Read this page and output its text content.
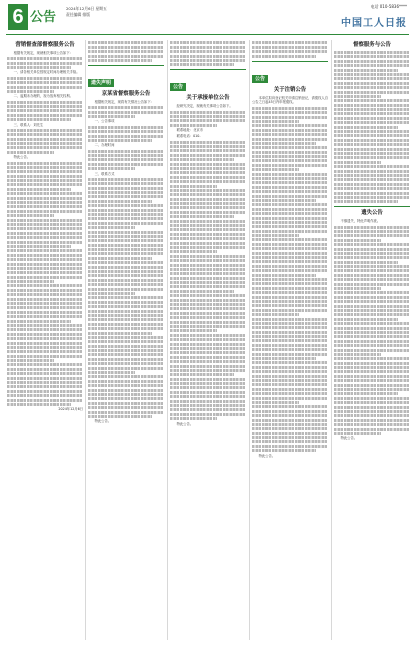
6 公告
2024年12月6日 星期五
责任编辑 排版
电话 010-5836****
中国工人日报
营销督查部督察服务公告

根据有关规定，现就相关事项公告如下：

一、请各相关单位按规定时间办理相关手续。

二、逾期未办理的，视为放弃相关权利。

三、联系人：刘先生

特此公告。

2024年12月6日

遗失声明
京某省督察服务公告

根据相关规定，现将有关情况公告如下：

一、公告事项

二、办理时间

三、联系方式

特此公告。

公告
关于承接单位公告

经研究决定，现就有关事项公告如下。

联系地址：北京市

联系电话：010-

特此公告。

公告
关于注销公告

本单位拟向登记机关申请注销登记，请债权人自公告之日起45日内申报债权。

特此公告。

督察服务与公告
遗失公告

不慎遗失，特此声明作废。

特此公告。
